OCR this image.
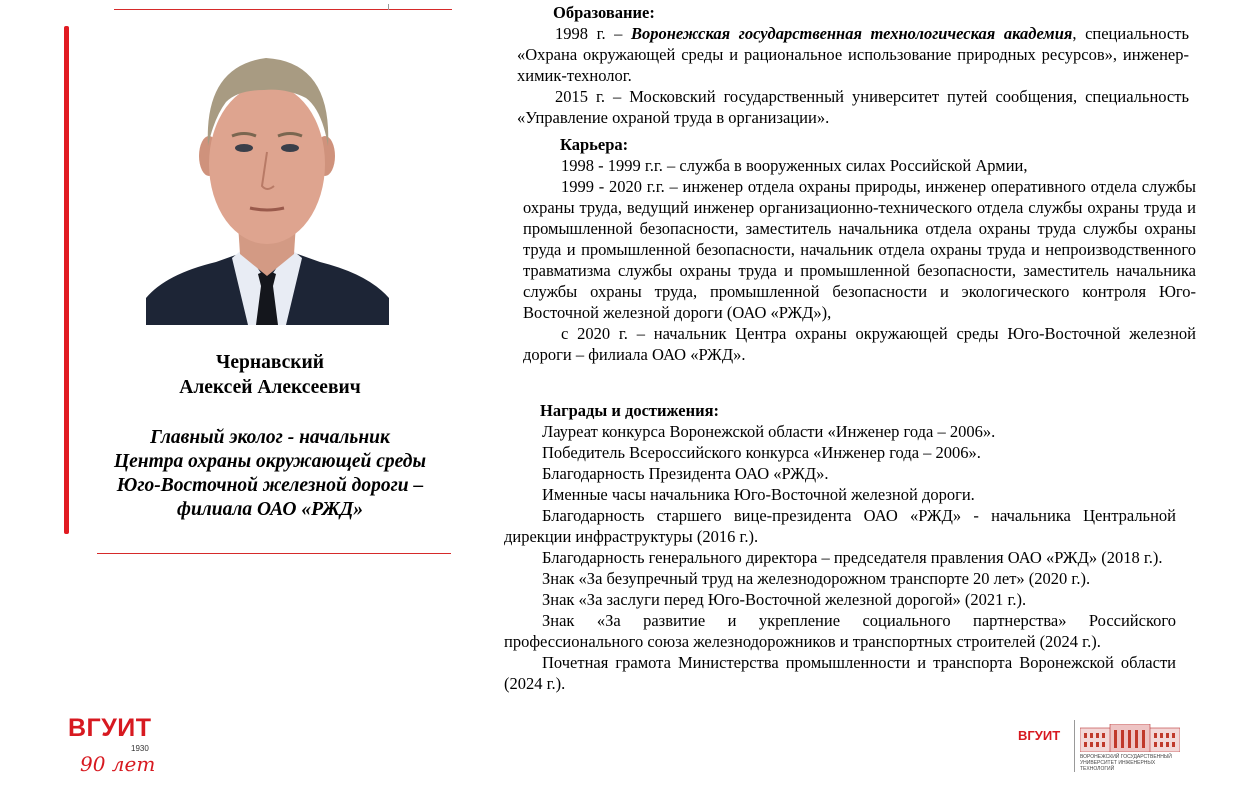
Чернавский
Алексей Алексеевич
Главный эколог - начальник
Центра охраны окружающей среды
Юго-Восточной железной дороги –
филиала ОАО «РЖД»
Образование:
1998 г. – Воронежская государственная технологическая академия, специальность «Охрана окружающей среды и рациональное использование природных ресурсов», инженер-химик-технолог.
2015 г. – Московский государственный университет путей сообщения, специальность «Управление охраной труда в организации».
Карьера:
1998 - 1999 г.г. – служба в вооруженных силах Российской Армии,
1999 - 2020 г.г. – инженер отдела охраны природы, инженер оперативного отдела службы охраны труда, ведущий инженер организационно-технического отдела службы охраны труда и промышленной безопасности, заместитель начальника отдела охраны труда службы охраны труда и промышленной безопасности, начальник отдела охраны труда и непроизводственного травматизма службы охраны труда и промышленной безопасности, заместитель начальника службы охраны труда, промышленной безопасности и экологического контроля Юго-Восточной железной дороги (ОАО «РЖД»),
с 2020 г. – начальник Центра охраны окружающей среды Юго-Восточной железной дороги – филиала ОАО «РЖД».
Награды и достижения:
Лауреат конкурса Воронежской области «Инженер года – 2006».
Победитель Всероссийского конкурса «Инженер года – 2006».
Благодарность Президента ОАО «РЖД».
Именные часы начальника Юго-Восточной железной дороги.
Благодарность старшего вице-президента ОАО «РЖД» - начальника Центральной дирекции инфраструктуры (2016 г.).
Благодарность генерального директора – председателя правления ОАО «РЖД» (2018 г.).
Знак «За безупречный труд на железнодорожном транспорте 20 лет» (2020 г.).
Знак «За заслуги перед Юго-Восточной железной дорогой» (2021 г.).
Знак «За развитие и укрепление социального партнерства» Российского профессионального союза железнодорожников и транспортных строителей (2024 г.).
Почетная грамота Министерства промышленности и транспорта Воронежской области (2024 г.).
ВГУИТ
1930
90 лет
ВГУИТ
ВОРОНЕЖСКИЙ ГОСУДАРСТВЕННЫЙ УНИВЕРСИТЕТ ИНЖЕНЕРНЫХ ТЕХНОЛОГИЙ
